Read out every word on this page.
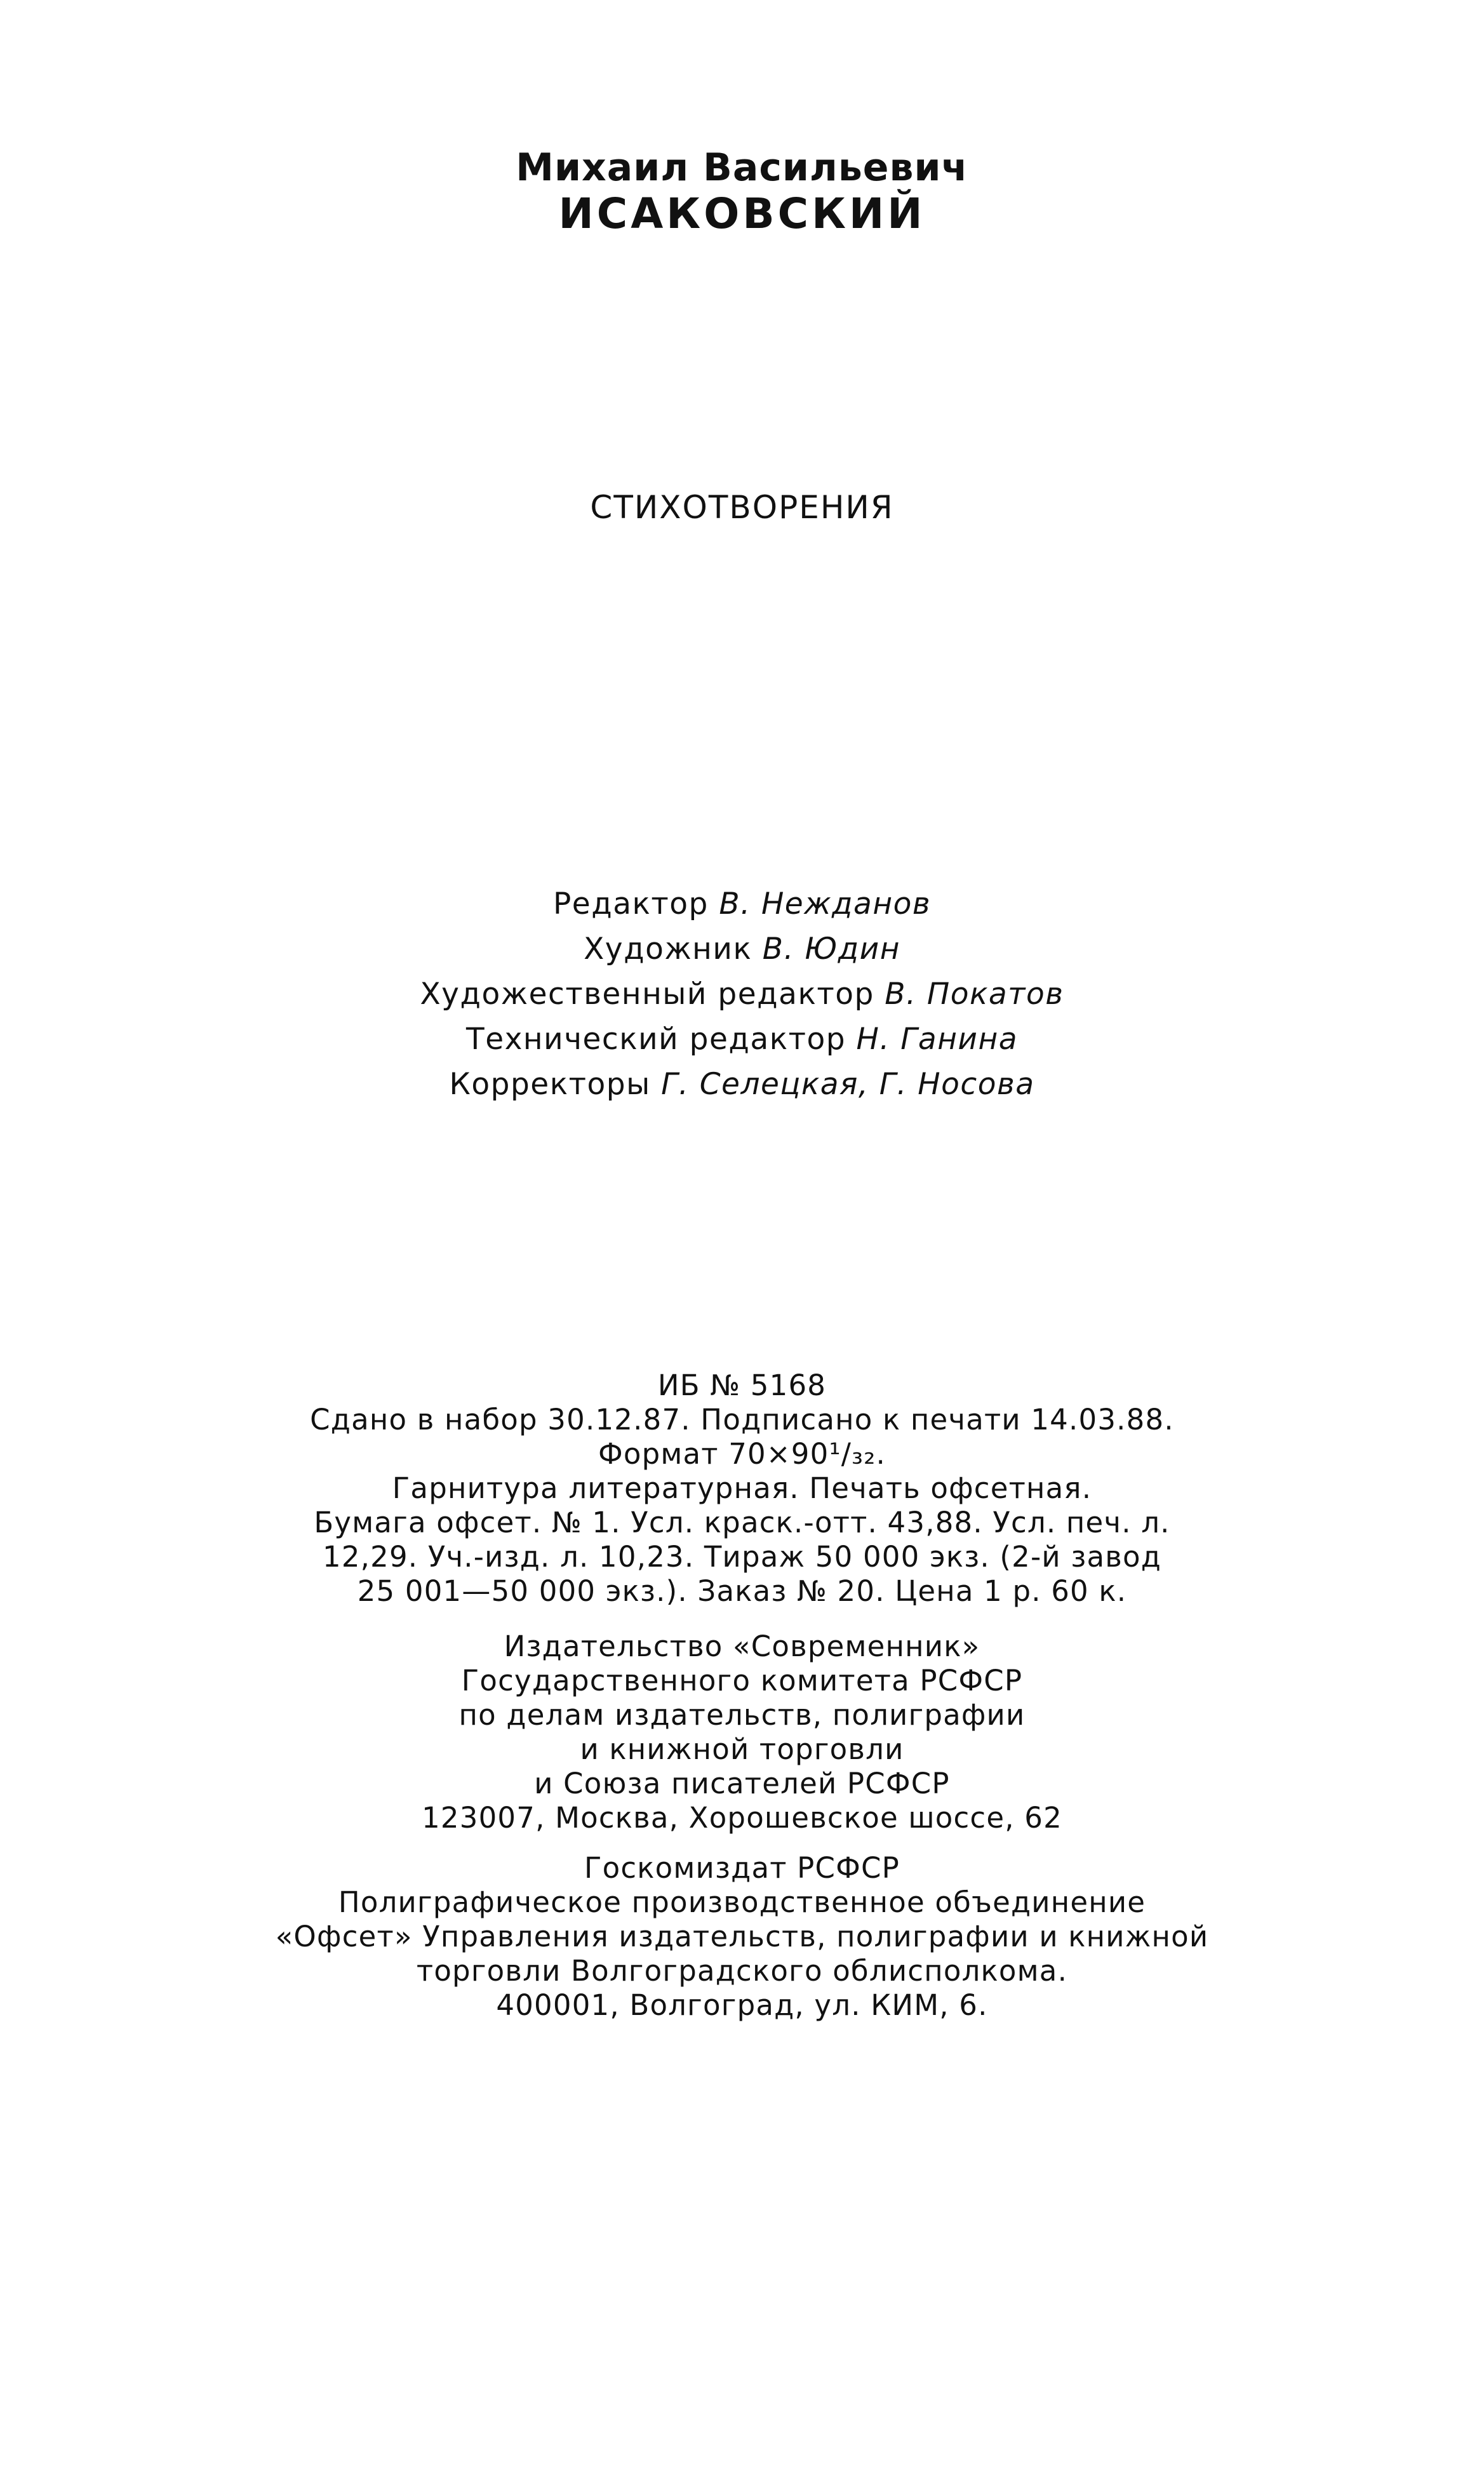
Михаил Васильевич
ИСАКОВСКИЙ
СТИХОТВОРЕНИЯ
Редактор В. Нежданов
Художник В. Юдин
Художественный редактор В. Покатов
Технический редактор Н. Ганина
Корректоры Г. Селецкая, Г. Носова
ИБ № 5168
Сдано в набор 30.12.87. Подписано к печати 14.03.88.
Формат 70×90¹/₃₂.
Гарнитура литературная. Печать офсетная.
Бумага офсет. № 1. Усл. краск.-отт. 43,88. Усл. печ. л.
12,29. Уч.-изд. л. 10,23. Тираж 50 000 экз. (2-й завод
25 001—50 000 экз.). Заказ № 20. Цена 1 р. 60 к.
Издательство «Современник»
Государственного комитета РСФСР
по делам издательств, полиграфии
и книжной торговли
и Союза писателей РСФСР
123007, Москва, Хорошевское шоссе, 62
Госкомиздат РСФСР
Полиграфическое производственное объединение
«Офсет» Управления издательств, полиграфии и книжной
торговли Волгоградского облисполкома.
400001, Волгоград, ул. КИМ, 6.
